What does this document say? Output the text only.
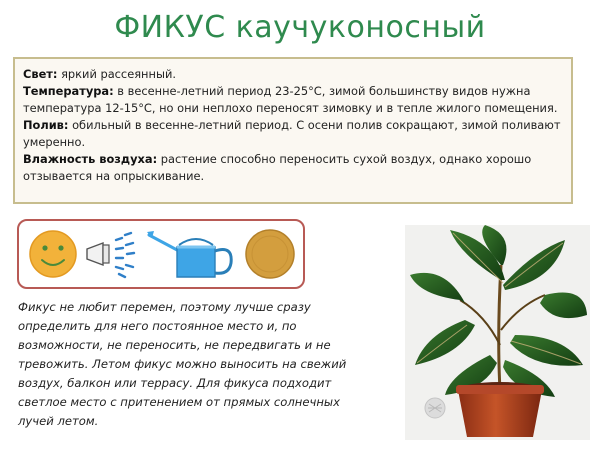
ФИКУС каучуконосный

Свет: яркий рассеянный.

Температура: в весенне-летний период 23-25°С, зимой большинству видов нужна температура 12-15°С, но они неплохо переносят зимовку и в тепле жилого помещения.

Полив: обильный в весенне-летний период. С осени полив сокращают, зимой поливают умеренно.

Влажность воздуха: растение способно переносить сухой воздух, однако хорошо отзывается на опрыскивание.

Фикус не любит перемен, поэтому лучше сразу определить для него постоянное место и, по возможности, не переносить, не передвигать и не тревожить. Летом фикус можно выносить на свежий воздух, балкон или террасу. Для фикуса подходит светлое место с притенением от прямых солнечных лучей летом.
